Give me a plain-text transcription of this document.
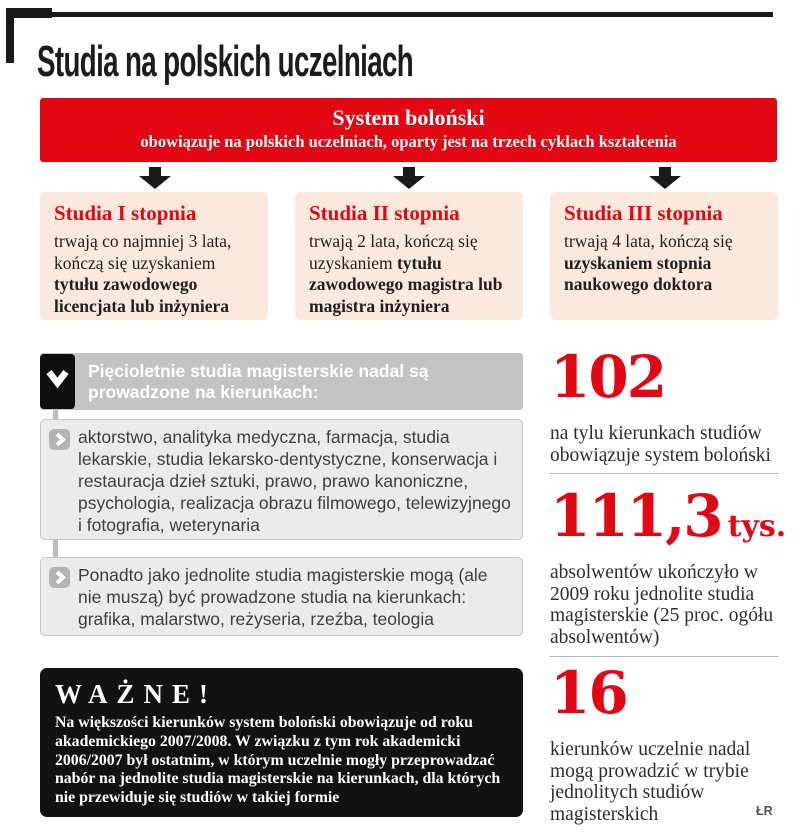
Studia na polskich uczelniach
System boloński
obowiązuje na polskich uczelniach, oparty jest na trzech cyklach kształcenia
Studia I stopnia
trwają co najmniej 3 lata, kończą się uzyskaniem tytułu zawodowego licencjata lub inżyniera
Studia II stopnia
trwają 2 lata, kończą się uzyskaniem tytułu zawodowego magistra lub magistra inżyniera
Studia III stopnia
trwają 4 lata, kończą się uzyskaniem stopnia naukowego doktora
Pięcioletnie studia magisterskie nadal są prowadzone na kierunkach:
aktorstwo, analityka medyczna, farmacja, studia lekarskie, studia lekarsko-dentystyczne, konserwacja i restauracja dzieł sztuki, prawo, prawo kanoniczne, psychologia, realizacja obrazu filmowego, telewizyjnego i fotografia, weterynaria
Ponadto jako jednolite studia magisterskie mogą (ale nie muszą) być prowadzone studia na kierunkach: grafika, malarstwo, reżyseria, rzeźba, teologia
WAŻNE!
Na większości kierunków system boloński obowiązuje od roku akademickiego 2007/2008. W związku z tym rok akademicki 2006/2007 był ostatnim, w którym uczelnie mogły przeprowadzać nabór na jednolite studia magisterskie na kierunkach, dla których nie przewiduje się studiów w takiej formie
102
na tylu kierunkach studiów obowiązuje system boloński
111,3 tys.
absolwentów ukończyło w 2009 roku jednolite studia magisterskie (25 proc. ogółu absolwentów)
16
kierunków uczelnie nadal mogą prowadzić w trybie jednolitych studiów magisterskich	ŁR
